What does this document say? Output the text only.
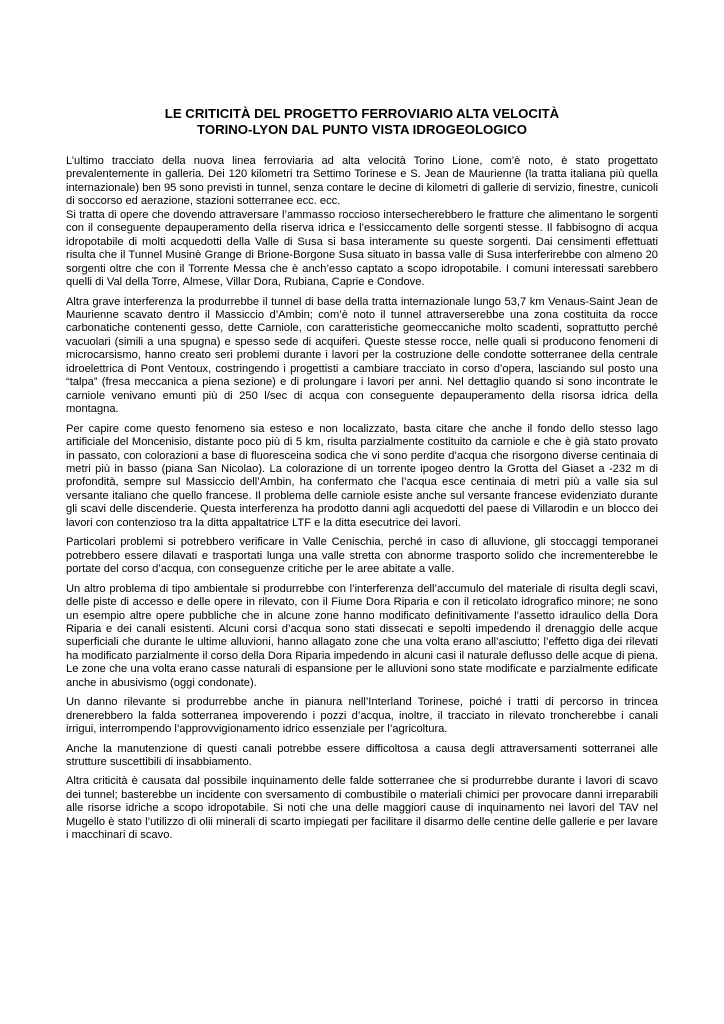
LE CRITICITÀ DEL PROGETTO FERROVIARIO ALTA VELOCITÀ
TORINO-LYON DAL PUNTO VISTA IDROGEOLOGICO

L’ultimo tracciato della nuova linea ferroviaria ad alta velocità Torino Lione, com’è noto, è stato progettato prevalentemente in galleria. Dei 120 kilometri tra Settimo Torinese e S. Jean de Maurienne (la tratta italiana più quella internazionale) ben 95 sono previsti in tunnel, senza contare le decine di kilometri di gallerie di servizio, finestre, cunicoli di soccorso ed aerazione, stazioni sotterranee ecc. ecc.

Si tratta di opere che dovendo attraversare l’ammasso roccioso intersecherebbero le fratture che alimentano le sorgenti con il conseguente depauperamento della riserva idrica e l’essiccamento delle sorgenti stesse. Il fabbisogno di acqua idropotabile di molti acquedotti della Valle di Susa si basa interamente su queste sorgenti. Dai censimenti effettuati risulta che il Tunnel Musinè Grange di Brione-Borgone Susa situato in bassa valle di Susa interferirebbe con almeno 20 sorgenti oltre che con il Torrente Messa che è anch’esso captato a scopo idropotabile. I comuni interessati sarebbero quelli di Val della Torre, Almese, Villar Dora, Rubiana, Caprie e Condove.

Altra grave interferenza la produrrebbe il tunnel di base della tratta internazionale lungo 53,7 km Venaus-Saint Jean de Maurienne scavato dentro il Massiccio d’Ambin; com’è noto il tunnel attraverserebbe una zona costituita da rocce carbonatiche contenenti gesso, dette Carniole, con caratteristiche geomeccaniche molto scadenti, soprattutto perché vacuolari (simili a una spugna) e spesso sede di acquiferi. Queste stesse rocce, nelle quali si producono fenomeni di microcarsismo, hanno creato seri problemi durante i lavori per la costruzione delle condotte sotterranee della centrale idroelettrica di Pont Ventoux, costringendo i progettisti a cambiare tracciato in corso d’opera, lasciando sul posto una “talpa” (fresa meccanica a piena sezione) e di prolungare i lavori per anni. Nel dettaglio quando si sono incontrate le carniole venivano emunti più di 250 l/sec di acqua con conseguente depauperamento della risorsa idrica della montagna.

Per capire come questo fenomeno sia esteso e non localizzato, basta citare che anche il fondo dello stesso lago artificiale del Moncenisio, distante poco più di 5 km, risulta parzialmente costituito da carniole e che è già stato provato in passato, con colorazioni a base di fluoresceina sodica che vi sono perdite d’acqua che risorgono diverse centinaia di metri più in basso (piana San Nicolao). La colorazione di un torrente ipogeo dentro la Grotta del Giaset a -232 m di profondità, sempre sul Massiccio dell’Ambin, ha confermato che l’acqua esce centinaia di metri più a valle sia sul versante italiano che quello francese. Il problema delle carniole esiste anche sul versante francese evidenziato durante gli scavi delle discenderie. Questa interferenza ha prodotto danni agli acquedotti del paese di Villarodin e un blocco dei lavori con contenzioso tra la ditta appaltatrice LTF e la ditta esecutrice dei lavori.

Particolari problemi si potrebbero verificare in Valle Cenischia, perché in caso di alluvione, gli stoccaggi temporanei potrebbero essere dilavati e trasportati lunga una valle stretta con abnorme trasporto solido che incrementerebbe le portate del corso d’acqua, con conseguenze critiche per le aree abitate a valle.

Un altro problema di tipo ambientale si produrrebbe con l’interferenza dell’accumulo del materiale di risulta degli scavi, delle piste di accesso e delle opere in rilevato, con il Fiume Dora Riparia e con il reticolato idrografico minore; ne sono un esempio altre opere pubbliche che in alcune zone hanno modificato definitivamente l’assetto idraulico della Dora Riparia e dei canali esistenti. Alcuni corsi d’acqua sono stati dissecati e sepolti impedendo il drenaggio delle acque superficiali che durante le ultime alluvioni, hanno allagato zone che una volta erano all’asciutto; l’effetto diga dei rilevati ha modificato parzialmente il corso della Dora Riparia impedendo in alcuni casi il naturale deflusso delle acque di piena. Le zone che una volta erano casse naturali di espansione per le alluvioni sono state modificate e parzialmente edificate anche in abusivismo (oggi condonate).

Un danno rilevante si produrrebbe anche in pianura nell’Interland Torinese, poiché i tratti di percorso in trincea drenerebbero la falda sotterranea impoverendo i pozzi d’acqua, inoltre, il tracciato in rilevato troncherebbe i canali irrigui, interrompendo l’approvvigionamento idrico essenziale per l’agricoltura.

Anche la manutenzione di questi canali potrebbe essere difficoltosa a causa degli attraversamenti sotterranei alle strutture suscettibili di insabbiamento.

Altra criticità è causata dal possibile inquinamento delle falde sotterranee che si produrrebbe durante i lavori di scavo dei tunnel; basterebbe un incidente con sversamento di combustibile o materiali chimici per provocare danni irreparabili alle risorse idriche a scopo idropotabile. Si noti che una delle maggiori cause di inquinamento nei lavori del TAV nel Mugello è stato l’utilizzo di olii minerali di scarto impiegati per facilitare il disarmo delle centine delle gallerie e per lavare i macchinari di scavo.
